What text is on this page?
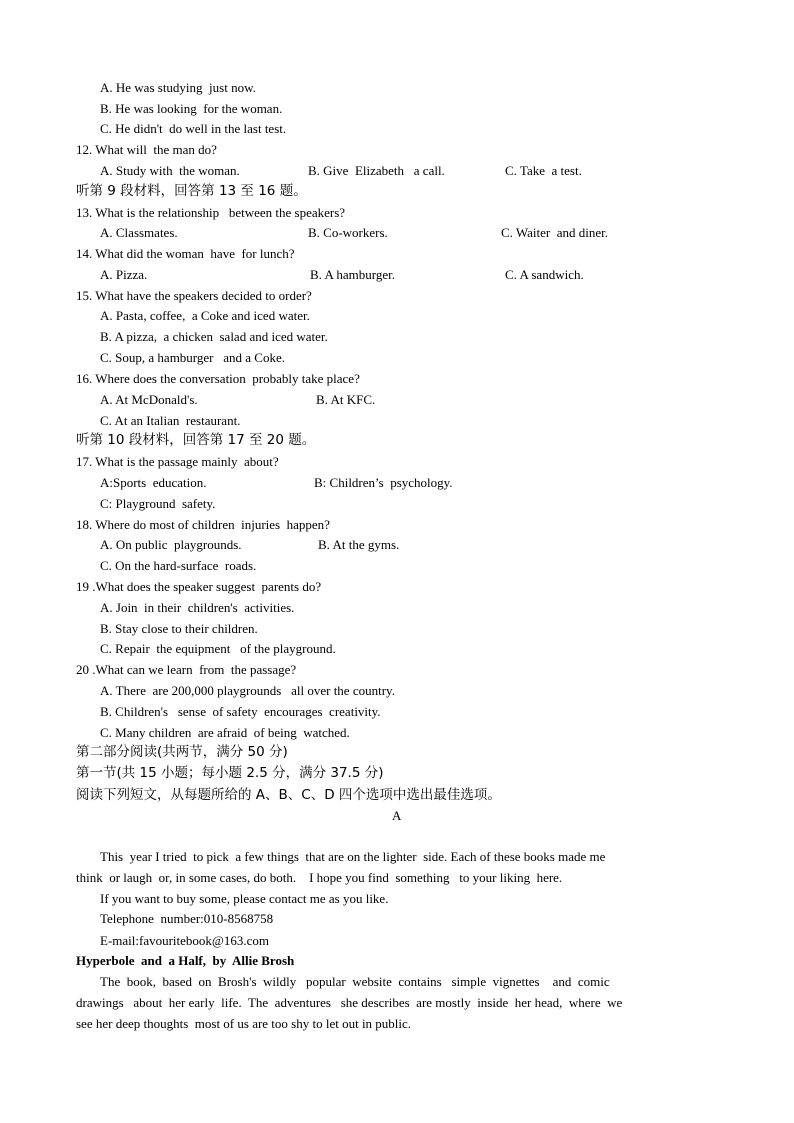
A. He was studying  just now.
B. He was looking  for the woman.
C. He didn't  do well in the last test.
12. What will  the man do?
A. Study with  the woman.	B. Give  Elizabeth   a call.	C. Take  a test.
听第 9 段材料，回答第 13 至 16 题。
13. What is the relationship   between the speakers?
A. Classmates.	B. Co-workers.	C. Waiter  and diner.
14. What did the woman  have  for lunch?
A. Pizza.	B. A hamburger.	C. A sandwich.
15. What have the speakers decided to order?
A. Pasta, coffee,  a Coke and iced water.
B. A pizza,  a chicken  salad and iced water.
C. Soup, a hamburger   and a Coke.
16. Where does the conversation  probably take place?
A. At McDonald's.	B. At KFC.
C. At an Italian  restaurant.
听第 10 段材料，回答第 17 至 20 题。
17. What is the passage mainly  about?
A:Sports  education.	B: Children’s  psychology.
C: Playground  safety.
18. Where do most of children  injuries  happen?
A. On public  playgrounds.	B. At the gyms.
C. On the hard-surface  roads.
19 .What does the speaker suggest  parents do?
A. Join  in their  children's  activities.
B. Stay close to their children.
C. Repair  the equipment   of the playground.
20 .What can we learn  from  the passage?
A. There  are 200,000 playgrounds   all over the country.
B. Children's   sense  of safety  encourages  creativity.
C. Many children  are afraid  of being  watched.
第二部分阅读(共两节，满分 50 分)
第一节(共 15 小题；每小题 2.5 分，满分 37.5 分)
阅读下列短文，从每题所给的 A、B、C、D 四个选项中选出最佳选项。
A
This  year I tried  to pick  a few things  that are on the lighter  side. Each of these books made me
think  or laugh  or, in some cases, do both.    I hope you find  something   to your liking  here.
If you want to buy some, please contact me as you like.
Telephone  number:010-8568758
E-mail:favouritebook@163.com
Hyperbole  and  a Half,  by  Allie Brosh
The  book,  based  on  Brosh's  wildly   popular  website  contains   simple  vignettes    and  comic
drawings   about  her early  life.  The  adventures   she describes  are mostly  inside  her head,  where  we
see her deep thoughts  most of us are too shy to let out in public.
